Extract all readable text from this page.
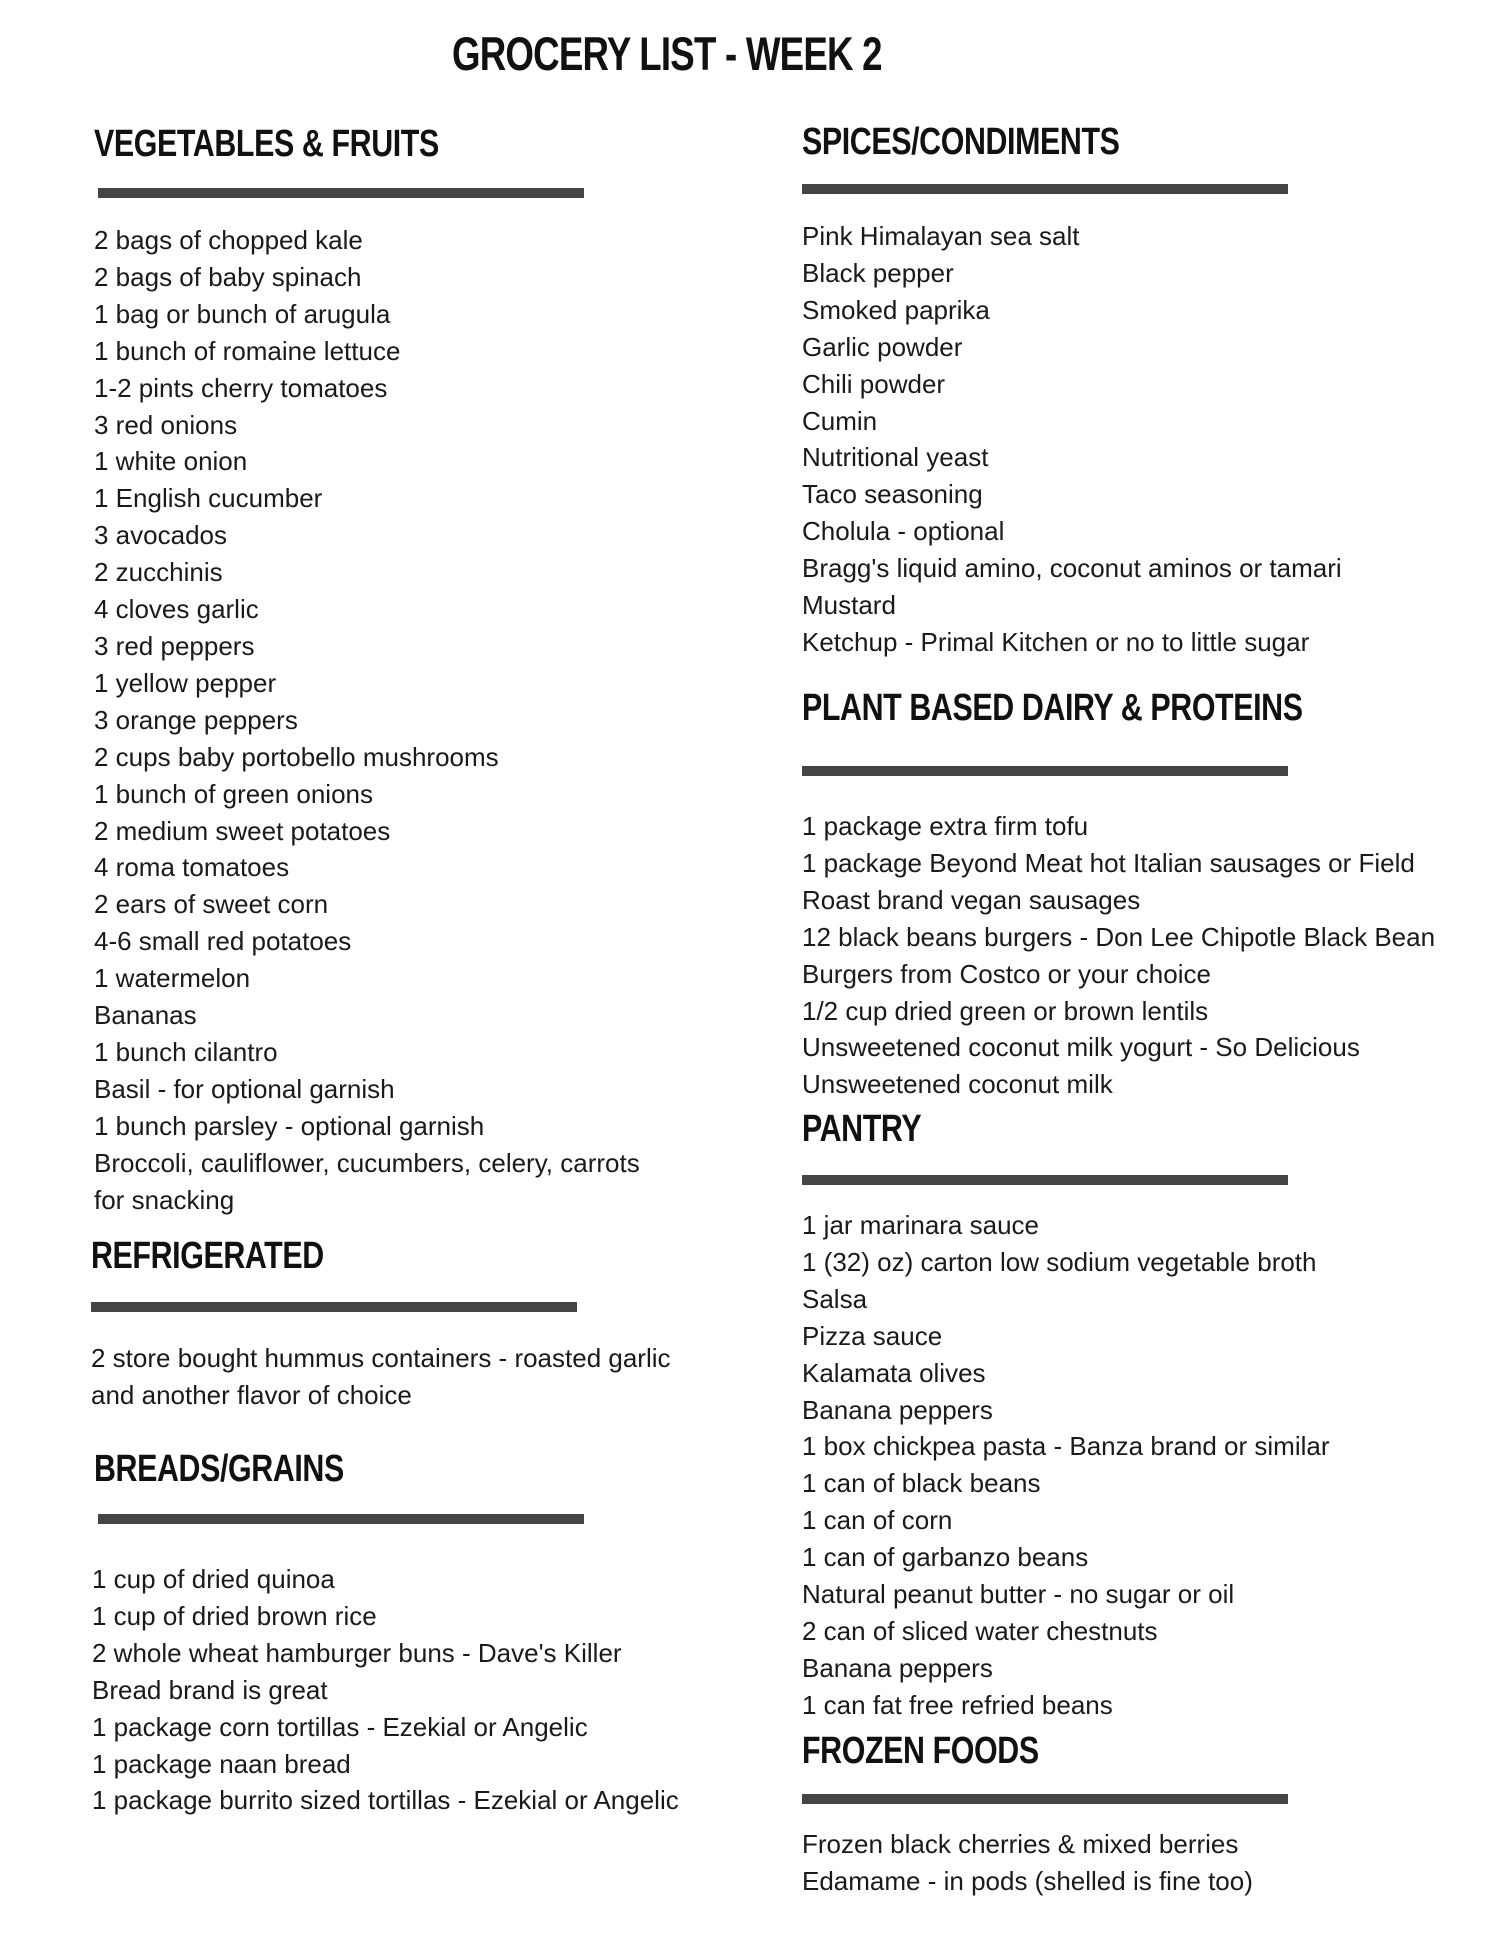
GROCERY LIST - WEEK 2
VEGETABLES & FRUITS
2 bags of chopped kale
2 bags of baby spinach
1 bag or bunch of arugula
1 bunch of romaine lettuce
1-2 pints cherry tomatoes
3 red onions
1 white onion
1 English cucumber
3 avocados
2 zucchinis
4 cloves garlic
3 red peppers
1 yellow pepper
3 orange peppers
2 cups baby portobello mushrooms
1 bunch of green onions
2 medium sweet potatoes
4 roma tomatoes
2 ears of sweet corn
4-6 small red potatoes
1 watermelon
Bananas
1 bunch cilantro
Basil - for optional garnish
1 bunch parsley - optional garnish
Broccoli, cauliflower, cucumbers, celery, carrots
for snacking
REFRIGERATED
2 store bought hummus containers - roasted garlic
and another flavor of choice
BREADS/GRAINS
1 cup of dried quinoa
1 cup of dried brown rice
2 whole wheat hamburger buns - Dave's Killer
Bread brand is great
1 package corn tortillas - Ezekial or Angelic
1 package naan bread
1 package burrito sized tortillas - Ezekial or Angelic
SPICES/CONDIMENTS
Pink Himalayan sea salt
Black pepper
Smoked paprika
Garlic powder
Chili powder
Cumin
Nutritional yeast
Taco seasoning
Cholula - optional
Bragg's liquid amino, coconut aminos or tamari
Mustard
Ketchup - Primal Kitchen or no to little sugar
PLANT BASED DAIRY & PROTEINS
1 package extra firm tofu
1 package Beyond Meat hot Italian sausages or Field
Roast brand vegan sausages
12 black beans burgers - Don Lee Chipotle Black Bean
Burgers from Costco or your choice
1/2 cup dried green or brown lentils
Unsweetened coconut milk yogurt - So Delicious
Unsweetened coconut milk
PANTRY
1 jar marinara sauce
1 (32) oz) carton low sodium vegetable broth
Salsa
Pizza sauce
Kalamata olives
Banana peppers
1 box chickpea pasta - Banza brand or similar
1 can of black beans
1 can of corn
1 can of garbanzo beans
Natural peanut butter - no sugar or oil
2 can of sliced water chestnuts
Banana peppers
1 can fat free refried beans
FROZEN FOODS
Frozen black cherries & mixed berries
Edamame - in pods (shelled is fine too)
